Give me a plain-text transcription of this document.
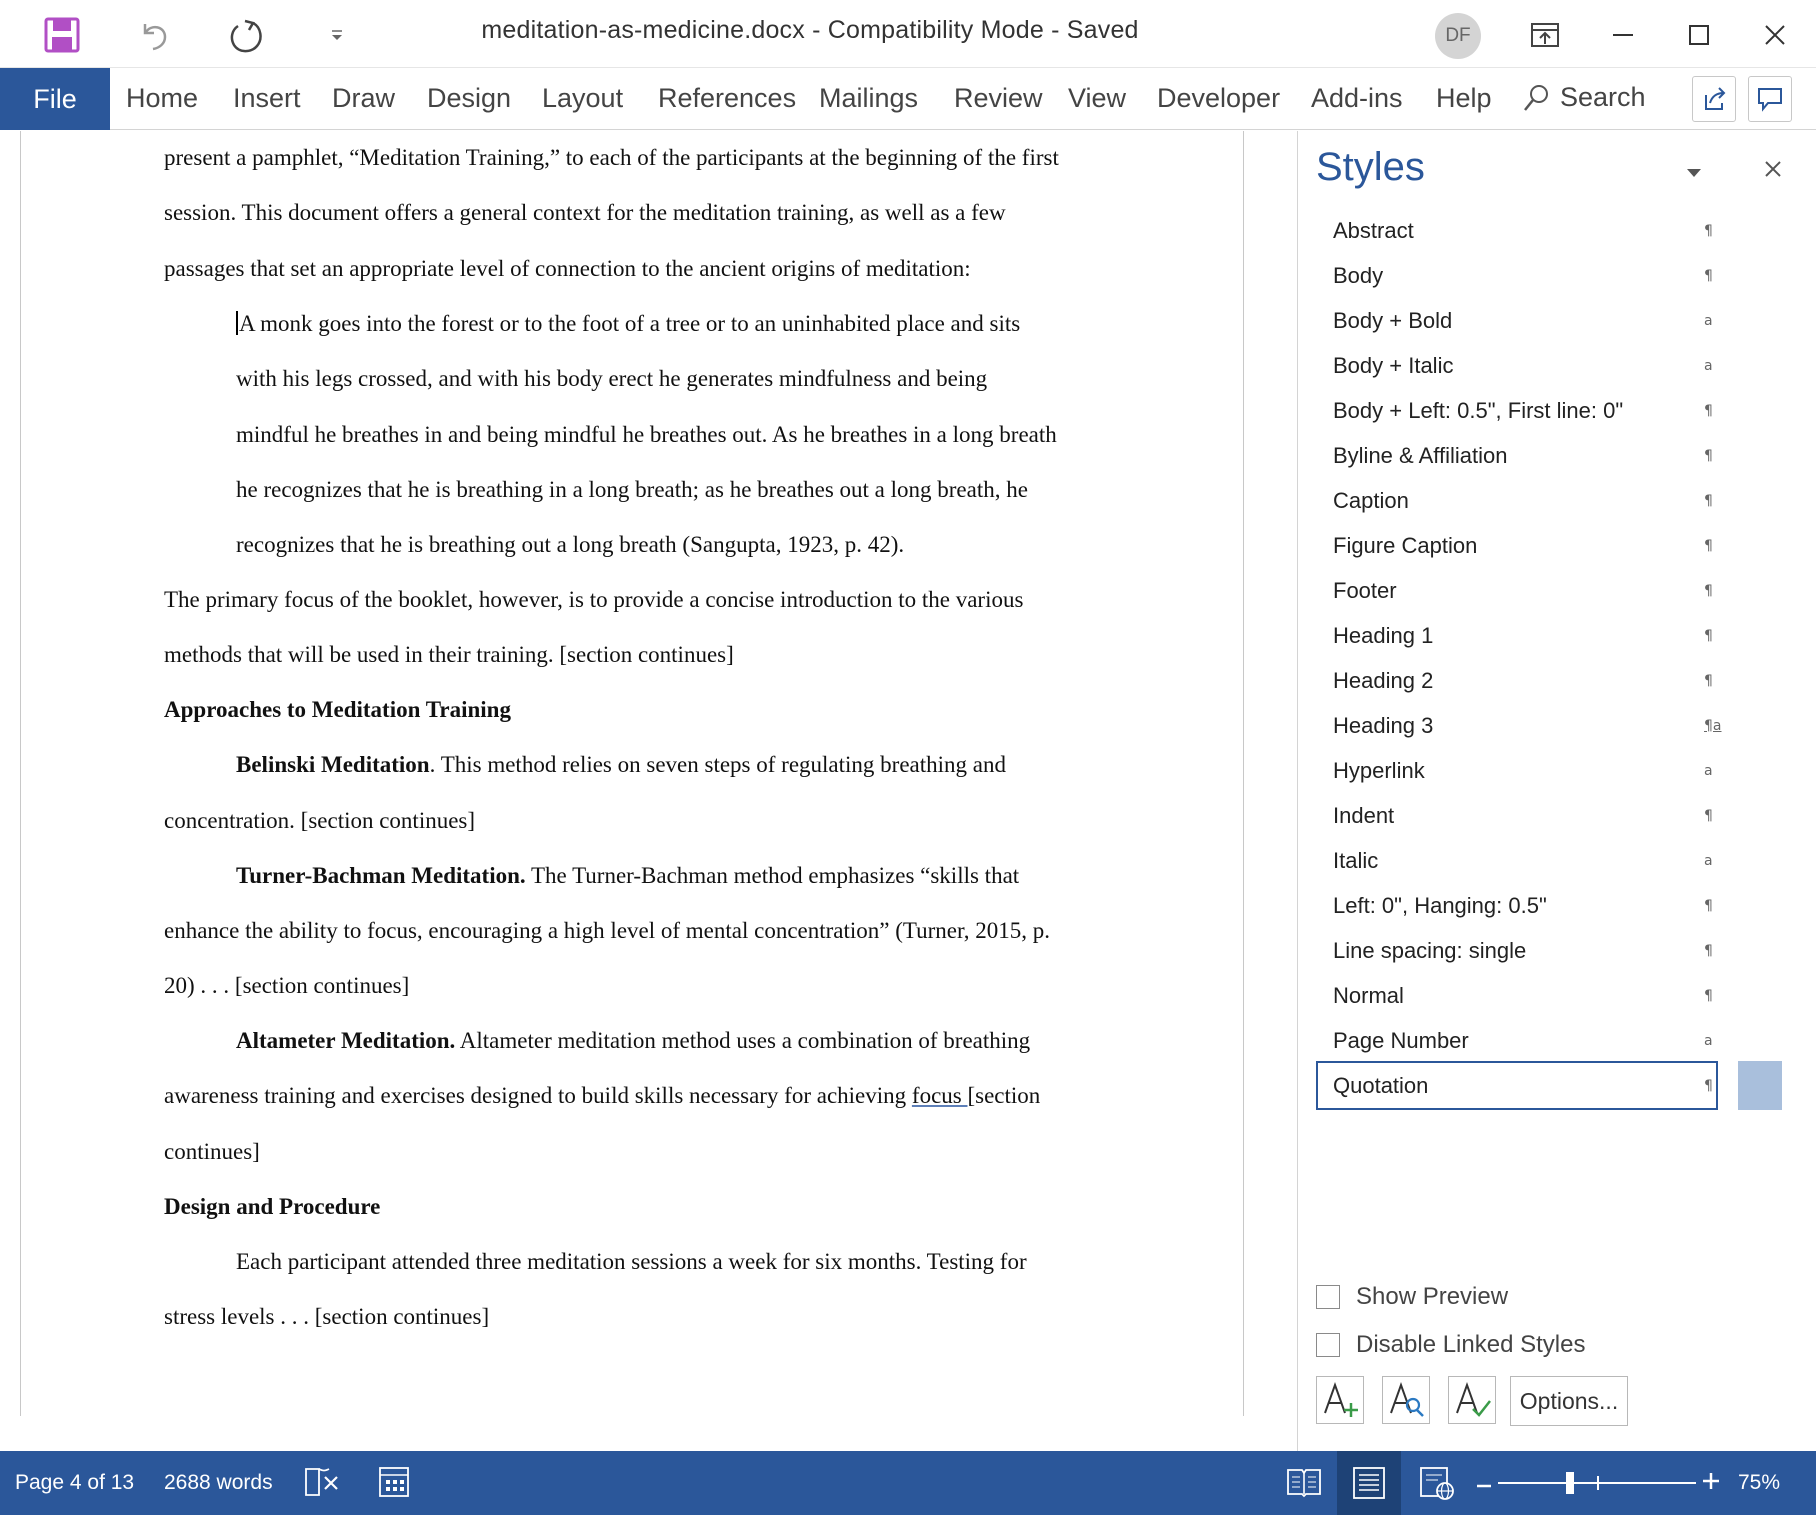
meditation-as-medicine.docx - Compatibility Mode - Saved	DF
File	Home Insert Draw Design Layout References Mailings Review View Developer Add-ins Help	Search
present a pamphlet, “Meditation Training,” to each of the participants at the beginning of the first
session. This document offers a general context for the meditation training, as well as a few
passages that set an appropriate level of connection to the ancient origins of meditation:
A monk goes into the forest or to the foot of a tree or to an uninhabited place and sits
with his legs crossed, and with his body erect he generates mindfulness and being
mindful he breathes in and being mindful he breathes out. As he breathes in a long breath
he recognizes that he is breathing in a long breath; as he breathes out a long breath, he
recognizes that he is breathing out a long breath (Sangupta, 1923, p. 42).
The primary focus of the booklet, however, is to provide a concise introduction to the various
methods that will be used in their training. [section continues]
Approaches to Meditation Training
Belinski Meditation. This method relies on seven steps of regulating breathing and
concentration. [section continues]
Turner-Bachman Meditation. The Turner-Bachman method emphasizes “skills that
enhance the ability to focus, encouraging a high level of mental concentration” (Turner, 2015, p.
20) . . . [section continues]
Altameter Meditation. Altameter meditation method uses a combination of breathing
awareness training and exercises designed to build skills necessary for achieving focus [section
continues]
Design and Procedure
Each participant attended three meditation sessions a week for six months. Testing for
stress levels . . . [section continues]
Styles
Abstract	¶
Body	¶
Body + Bold	a
Body + Italic	a
Body + Left: 0.5", First line: 0"	¶
Byline & Affiliation	¶
Caption	¶
Figure Caption	¶
Footer	¶
Heading 1	¶
Heading 2	¶
Heading 3	¶a
Hyperlink	a
Indent	¶
Italic	a
Left: 0", Hanging: 0.5"	¶
Line spacing: single	¶
Normal	¶
Page Number	a
Quotation	¶
Show Preview
Disable Linked Styles
Options...
Page 4 of 13 2688 words	75%
